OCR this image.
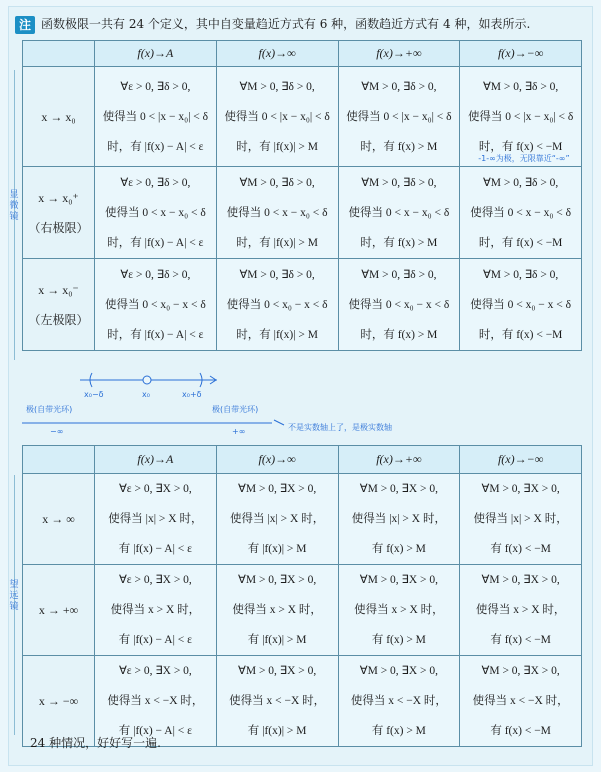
注 函数极限一共有 24 个定义，其中自变量趋近方式有 6 种，函数趋近方式有 4 种，如表所示.
显微镜
	f(x)→A	f(x)→∞	f(x)→+∞	f(x)→−∞

x → x₀	∀ε > 0, ∃δ > 0,
使得当 0 < |x − x₀| < δ
时，有 |f(x) − A| < ε	∀M > 0, ∃δ > 0,
使得当 0 < |x − x₀| < δ
时，有 |f(x)| > M	∀M > 0, ∃δ > 0,
使得当 0 < |x − x₀| < δ
时，有 f(x) > M	∀M > 0, ∃δ > 0,
使得当 0 < |x − x₀| < δ
时，有 f(x) < −M
-1-∞为极，无限靠近“-∞”

x → x₀⁺
（右极限）	∀ε > 0, ∃δ > 0,
使得当 0 < x − x₀ < δ
时，有 |f(x) − A| < ε	∀M > 0, ∃δ > 0,
使得当 0 < x − x₀ < δ
时，有 |f(x)| > M	∀M > 0, ∃δ > 0,
使得当 0 < x − x₀ < δ
时，有 f(x) > M	∀M > 0, ∃δ > 0,
使得当 0 < x − x₀ < δ
时，有 f(x) < −M

x → x₀⁻
（左极限）	∀ε > 0, ∃δ > 0,
使得当 0 < x₀ − x < δ
时，有 |f(x) − A| < ε	∀M > 0, ∃δ > 0,
使得当 0 < x₀ − x < δ
时，有 |f(x)| > M	∀M > 0, ∃δ > 0,
使得当 0 < x₀ − x < δ
时，有 f(x) > M	∀M > 0, ∃δ > 0,
使得当 0 < x₀ − x < δ
时，有 f(x) < −M
x₀−δ	x₀	x₀+δ
极(自带光环)	极(自带光环)
−∞	+∞	不是实数轴上了，是极实数轴
望远镜
	f(x)→A	f(x)→∞	f(x)→+∞	f(x)→−∞

x → ∞	∀ε > 0, ∃X > 0,
使得当 |x| > X 时，
有 |f(x) − A| < ε	∀M > 0, ∃X > 0,
使得当 |x| > X 时，
有 |f(x)| > M	∀M > 0, ∃X > 0,
使得当 |x| > X 时，
有 f(x) > M	∀M > 0, ∃X > 0,
使得当 |x| > X 时，
有 f(x) < −M

x → +∞	∀ε > 0, ∃X > 0,
使得当 x > X 时，
有 |f(x) − A| < ε	∀M > 0, ∃X > 0,
使得当 x > X 时，
有 |f(x)| > M	∀M > 0, ∃X > 0,
使得当 x > X 时，
有 f(x) > M	∀M > 0, ∃X > 0,
使得当 x > X 时，
有 f(x) < −M

x → −∞	∀ε > 0, ∃X > 0,
使得当 x < −X 时，
有 |f(x) − A| < ε	∀M > 0, ∃X > 0,
使得当 x < −X 时，
有 |f(x)| > M	∀M > 0, ∃X > 0,
使得当 x < −X 时，
有 f(x) > M	∀M > 0, ∃X > 0,
使得当 x < −X 时，
有 f(x) < −M
24 种情况，好好写一遍.
